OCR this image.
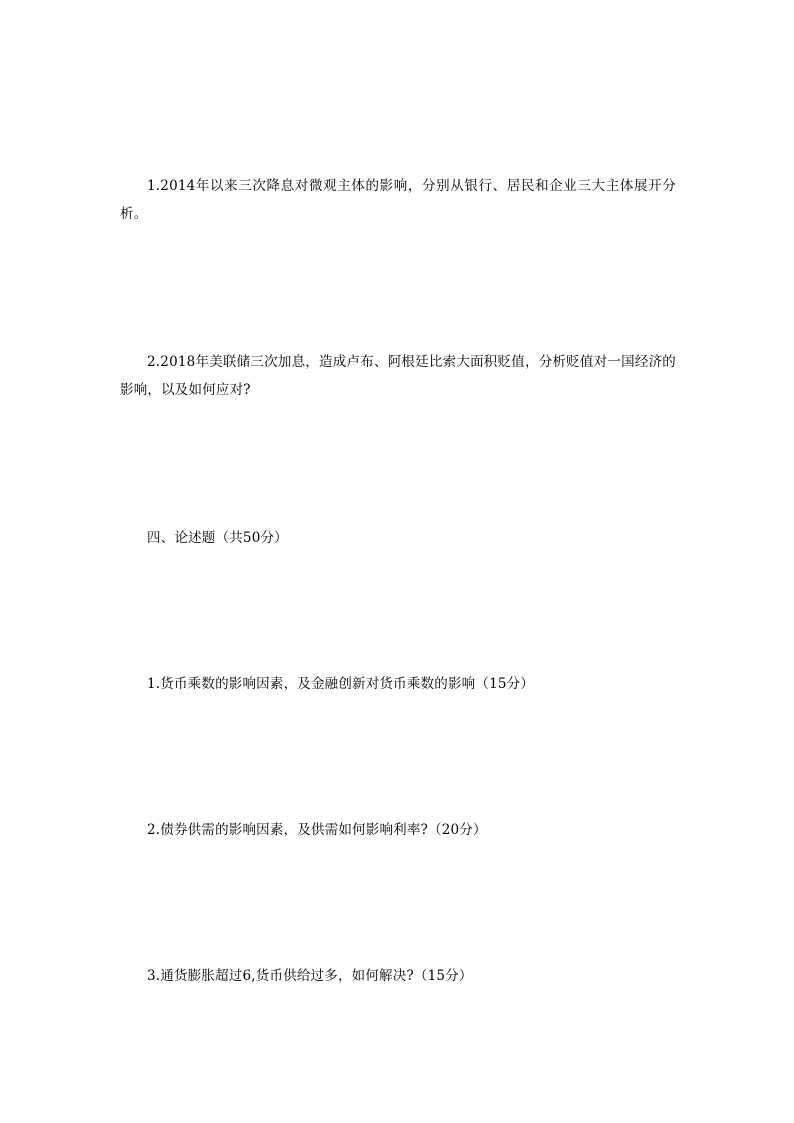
1.2014年以来三次降息对微观主体的影响，分别从银行、居民和企业三大主体展开分析。

2.2018年美联储三次加息，造成卢布、阿根廷比索大面积贬值，分析贬值对一国经济的影响，以及如何应对?

四、论述题（共50分）

1.货币乘数的影响因素，及金融创新对货币乘数的影响（15分）

2.债券供需的影响因素，及供需如何影响利率?（20分）

3.通货膨胀超过6,货币供给过多，如何解决?（15分）
